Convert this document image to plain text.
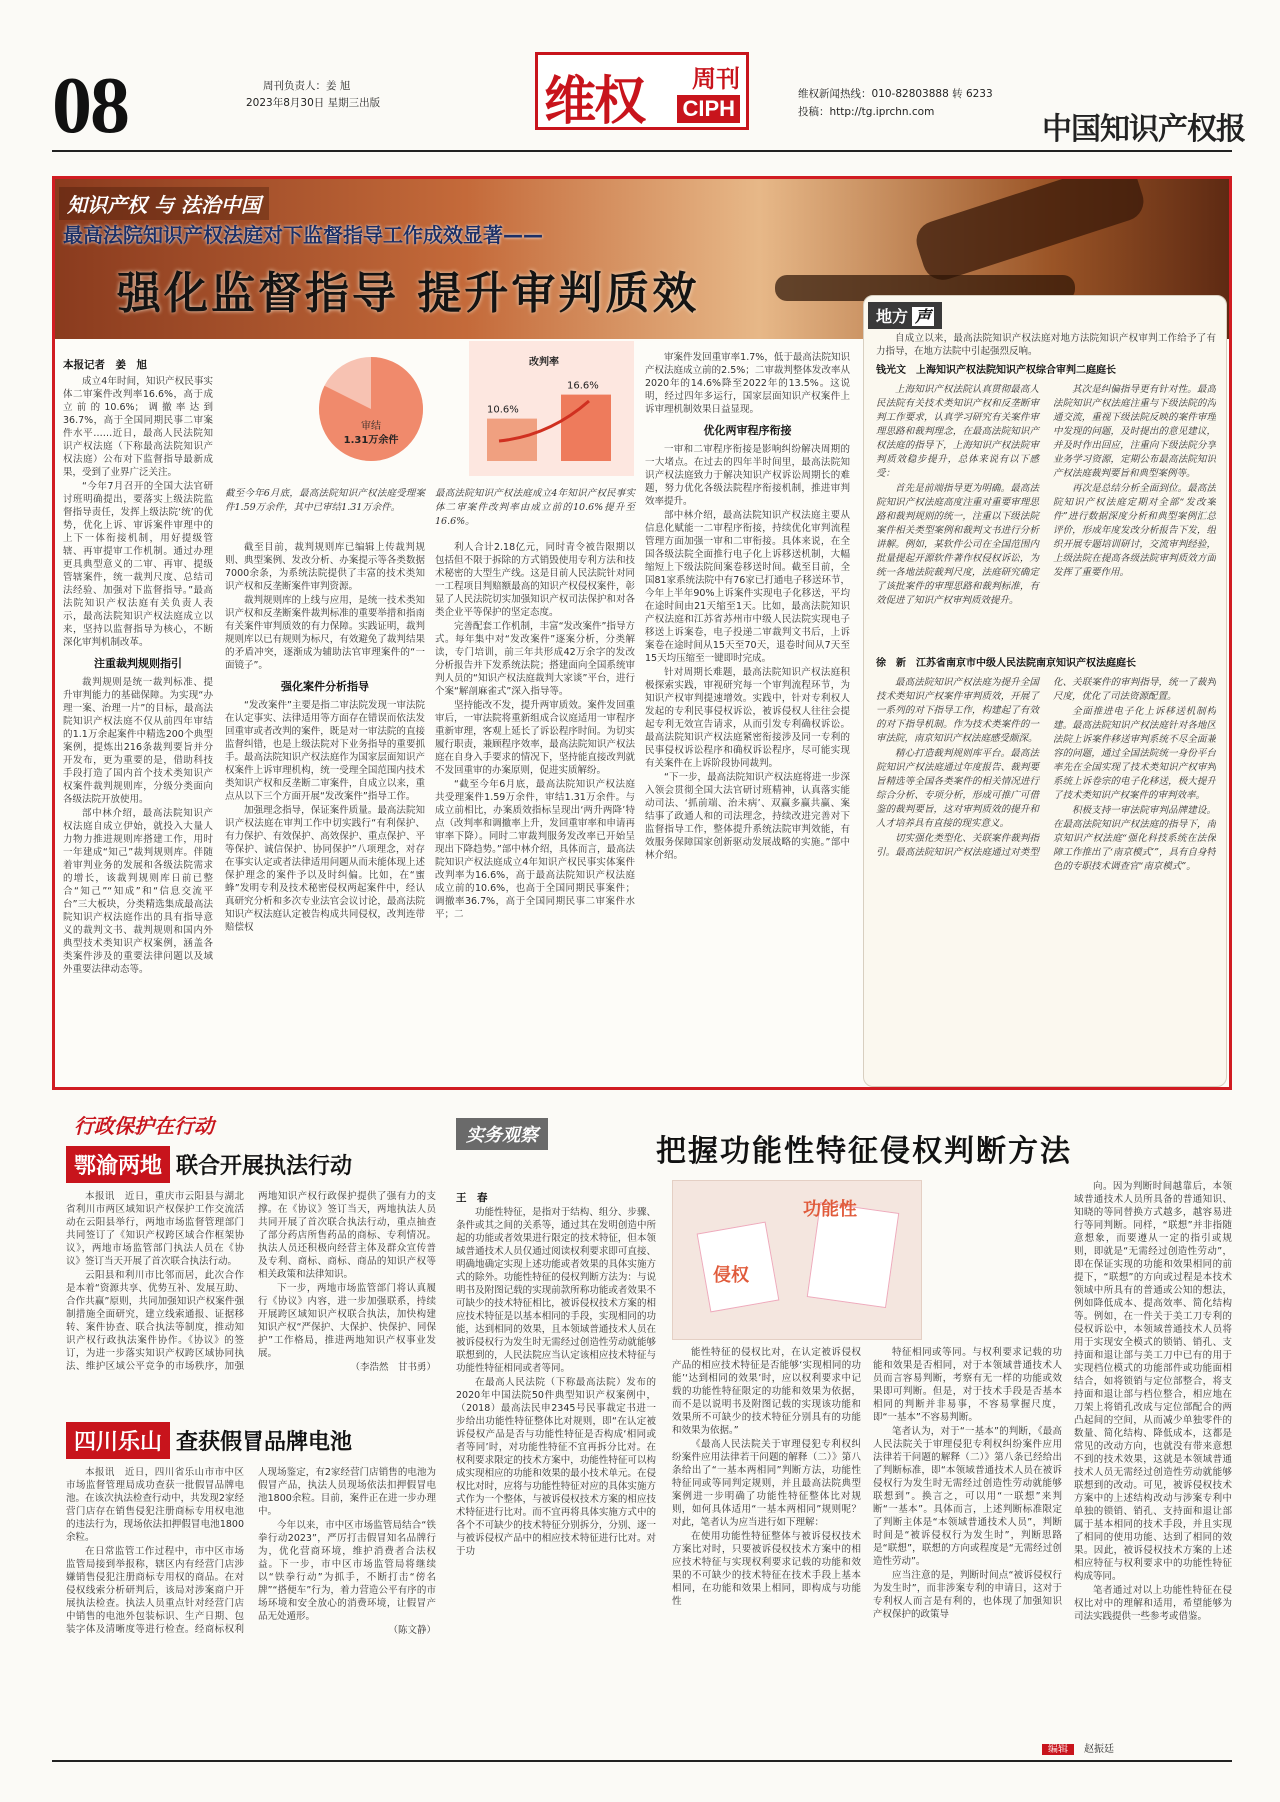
08	周刊负责人：姜 旭
2023年8月30日 星期三出版	维权 周刊
CIPH
维权新闻热线：010-82803888 转 6233
投稿：http://tg.iprchn.com	中国知识产权报
知识产权 与 法治中国
最高法院知识产权法庭对下监督指导工作成效显著——
强化监督指导 提升审判质效
本报记者　姜　旭
审结
1.31万余件
改判率
10.6%
16.6%

成立4年时间，知识产权民事实体二审案件改判率16.6%，高于成立前的10.6%；调撤率达到36.7%，高于全国同期民事二审案件水平……近日，最高人民法院知识产权法庭（下称最高法院知识产权法庭）公布对下监督指导最新成果，受到了业界广泛关注。

“今年7月召开的全国大法官研讨班明确提出，要落实上级法院监督指导责任，发挥上级法院‘统’的优势，优化上诉、审诉案件审理中的上下一体衔接机制，用好提级管辖、再审提审工作机制。通过办理更具典型意义的二审、再审、提级管辖案件，统一裁判尺度、总结司法经验、加强对下监督指导。”最高法院知识产权法庭有关负责人表示，最高法院知识产权法庭成立以来，坚持以监督指导为核心，不断深化审判机制改革。

注重裁判规则指引

裁判规则是统一裁判标准、提升审判能力的基础保障。为实现“办理一案、治理一片”的目标，最高法院知识产权法庭不仅从前四年审结的1.1万余起案件中精选200个典型案例，提炼出216条裁判要旨并分开发布，更为重要的是，借助科技手段打造了国内首个技术类知识产权案件裁判规则库，分级分类面向各级法院开放使用。

部中林介绍，最高法院知识产权法庭自成立伊始，就投入大量人力物力推进规则库搭建工作，用时一年建成“知己”裁判规则库。伴随着审判业务的发展和各级法院需求的增长，该裁判规则库日前已整合“知己”“知成”和“信息交流平台”三大板块，分类精选集成最高法院知识产权法庭作出的具有指导意义的裁判文书、裁判规则和国内外典型技术类知识产权案例，涵盖各类案件涉及的重要法律问题以及域外重要法律动态等。

截至今年6月底，最高法院知识产权法庭受理案件1.59万余件，其中已审结1.31万余件。

截至目前，裁判规则库已编辑上传裁判规则、典型案例、发改分析、办案提示等各类数据7000余条，为系统法院提供了丰富的技术类知识产权和反垄断案件审判资源。

裁判规则库的上线与应用，是统一技术类知识产权和反垄断案件裁判标准的重要举措和指南有关案件审判质效的有力保障。实践证明，裁判规则库以已有规则为标尺，有效避免了裁判结果的矛盾冲突，逐渐成为辅助法官审理案件的“一面镜子”。

强化案件分析指导

“发改案件”主要是指二审法院发现一审法院在认定事实、法律适用等方面存在错误而依法发回重审或者改判的案件，既是对一审法院的直接监督纠错，也是上级法院对下业务指导的重要抓手。最高法院知识产权法庭作为国家层面知识产权案件上诉审理机构，统一受理全国范围内技术类知识产权和反垄断二审案件，自成立以来，重点从以下三个方面开展“发改案件”指导工作。

加强理念指导，保证案件质量。最高法院知识产权法庭在审判工作中切实践行“有利保护、有力保护、有效保护、高效保护、重点保护、平等保护、诚信保护、协同保护”八项理念，对存在事实认定或者法律适用问题从而未能体现上述保护理念的案件予以及时纠偏。比如，在“蜜蜂”发明专利及技术秘密侵权两起案件中，经认真研究分析和多次专业法官会议讨论，最高法院知识产权法庭认定被告构成共同侵权，改判连带赔偿权

最高法院知识产权法庭成立4年知识产权民事实体二审案件改判率由成立前的10.6%提升至16.6%。

利人合计2.18亿元，同时青令被告限期以包括但不限于拆除的方式销毁使用专利方法和技术秘密的大型生产线。这是目前人民法院针对同一工程项目判赔额最高的知识产权侵权案件，彰显了人民法院切实加强知识产权司法保护和对各类企业平等保护的坚定态度。

完善配套工作机制，丰富“发改案件”指导方式。每年集中对“发改案件”逐案分析，分类解读，专门培训，前三年共形成42万余字的发改分析报告并下发系统法院；搭建面向全国系统审判人员的“知识产权法庭裁判大家谈”平台，进行个案“解剖麻雀式”深入指导等。

坚持能改不发，提升两审质效。案件发回重审后，一审法院将重新组成合议庭适用一审程序重新审理，客观上延长了诉讼程序时间。为切实履行职责，兼顾程序效率，最高法院知识产权法庭在自身入手要求的情况下，坚持能直接改判就不发回重审的办案原则，促进实质解纷。

“截至今年6月底，最高法院知识产权法庭共受理案件1.59万余件，审结1.31万余件。与成立前相比，办案质效指标呈现出‘两升两降’特点（改判率和调撤率上升，发回重审率和申请再审率下降）。同时二审裁判服务发改率已开始呈现出下降趋势。”部中林介绍，具体而言，最高法院知识产权法庭成立4年知识产权民事实体案件改判率为16.6%，高于最高法院知识产权法庭成立前的10.6%，也高于全国同期民事案件；调撤率36.7%，高于全国同期民事二审案件水平；二

审案件发回重审率1.7%，低于最高法院知识产权法庭成立前的2.5%；二审裁判整体发改率从2020年的14.6%降至2022年的13.5%。这说明，经过四年多运行，国家层面知识产权案件上诉审理机制效果日益显现。

优化两审程序衔接

一审和二审程序衔接是影响纠纷解决周期的一大堵点。在过去的四年半时间里，最高法院知识产权法庭致力于解决知识产权诉讼周期长的难题，努力优化各级法院程序衔接机制，推进审判效率提升。

部中林介绍，最高法院知识产权法庭主要从信息化赋能一二审程序衔接，持续优化审判流程管理方面加强一审和二审衔接。具体来说，在全国各级法院全面推行电子化上诉移送机制，大幅缩短上下级法院间案卷移送时间。截至目前，全国81家系统法院中有76家已打通电子移送环节，今年上半年90%上诉案件实现电子化移送，平均在途时间由21天缩至1天。比如，最高法院知识产权法庭和江苏省苏州市中级人民法院实现电子移送上诉案卷，电子投递二审裁判文书后，上诉案卷在途时间从15天至70天，退卷时间从7天至15天均压缩至一键即时完成。

针对周期长难题，最高法院知识产权法庭积极探索实践，审视研究每一个审判流程环节，为知识产权审判提速增效。实践中，针对专利权人发起的专利民事侵权诉讼，被诉侵权人往往会提起专利无效宣告请求，从而引发专利确权诉讼。最高法院知识产权法庭紧密衔接涉及同一专利的民事侵权诉讼程序和确权诉讼程序，尽可能实现有关案件在上诉阶段协同裁判。

“下一步，最高法院知识产权法庭将进一步深入领会贯彻全国大法官研讨班精神，认真落实能动司法、‘抓前端、治未病’、双赢多赢共赢、案结事了政通人和的司法理念，持续改进完善对下监督指导工作，整体提升系统法院审判效能，有效服务保障国家创新驱动发展战略的实施。”部中林介绍。

地方 声

自成立以来，最高法院知识产权法庭对地方法院知识产权审判工作给予了有力指导，在地方法院中引起强烈反响。

钱光文　上海知识产权法院知识产权综合审判二庭庭长

上海知识产权法院认真贯彻最高人民法院有关技术类知识产权和反垄断审判工作要求，认真学习研究有关案件审理思路和裁判理念，在最高法院知识产权法庭的指导下，上海知识产权法院审判质效稳步提升，总体来说有以下感受：

首先是前端指导更为明确。最高法院知识产权法庭高度注重对重要审理思路和裁判规则的统一，注重以下级法院案件相关类型案例和裁判文书进行分析讲解。例如，某软件公司在全国范围内批量提起开源软件著作权侵权诉讼，为统一各地法院裁判尺度，法庭研究确定了该批案件的审理思路和裁判标准，有效促进了知识产权审判质效提升。

其次是纠偏指导更有针对性。最高法院知识产权法庭注重与下级法院的沟通交流，重视下级法院反映的案件审理中发现的问题，及时提出的意见建议，并及时作出回应，注重向下级法院分享业务学习资源，定期公布最高法院知识产权法庭裁判要旨和典型案例等。

再次是总结分析全面到位。最高法院知识产权法庭定期对全部“发改案件”进行数据深度分析和典型案例汇总评价，形成年度发改分析报告下发，组织开展专题培训研讨，交流审判经验，上级法院在提高各级法院审判质效方面发挥了重要作用。

徐　新　江苏省南京市中级人民法院南京知识产权法庭庭长

最高法院知识产权法庭为提升全国技术类知识产权案件审判质效，开展了一系列的对下指导工作，构建起了有效的对下指导机制。作为技术类案件的一审法院，南京知识产权法庭感受颇深。

精心打造裁判规则库平台。最高法院知识产权法庭通过年度报告、裁判要旨精选等全国各类案件的相关情况进行综合分析、专项分析，形成可推广可借鉴的裁判要旨，这对审判质效的提升和人才培养具有直接的现实意义。

切实强化类型化、关联案件裁判指引。最高法院知识产权法庭通过对类型化、关联案件的审判指导，统一了裁判尺度，优化了司法资源配置。

全面推进电子化上诉移送机制构建。最高法院知识产权法庭针对各地区法院上诉案件移送审判系统不尽全面兼容的问题，通过全国法院统一身份平台率先在全国实现了技术类知识产权审判系统上诉卷宗的电子化移送，极大提升了技术类知识产权案件的审判效率。

积极支持一审法院审判品牌建设。在最高法院知识产权法庭的指导下，南京知识产权法庭“强化科技系统在法保障工作推出了‘南京模式’”，具有自身特色的专职技术调查官“南京模式”。

行政保护在行动
鄂渝两地 联合开展执法行动

本报讯　近日，重庆市云阳县与湖北省利川市两区域知识产权保护工作交流活动在云阳县举行，两地市场监督管理部门共同签订了《知识产权跨区域合作框架协议》，两地市场监管部门执法人员在《协议》签订当天开展了首次联合执法行动。

云阳县和利川市比邻而居，此次合作是本着“资源共享、优势互补、发展互助、合作共赢”原则，共同加强知识产权案件强制措施全面研究，建立线索通报、证据移转、案件协查、联合执法等制度，推动知识产权行政执法案件协作。《协议》的签订，为进一步落实知识产权跨区域协同执法、维护区域公平竞争的市场秩序，加强两地知识产权行政保护提供了强有力的支撑。在《协议》签订当天，两地执法人员共同开展了首次联合执法行动，重点抽查了部分药店所售药品的商标、专利情况。执法人员还积极向经营主体及群众宣传普及专利、商标、商标、商品的知识产权等相关政策和法律知识。

下一步，两地市场监管部门将认真履行《协议》内容，进一步加强联系，持续开展跨区域知识产权联合执法，加快构建知识产权“严保护、大保护、快保护、同保护”工作格局，推进两地知识产权事业发展。

（李浩然　甘书勇）
四川乐山 查获假冒品牌电池

本报讯　近日，四川省乐山市市中区市场监督管理局成功查获一批假冒品牌电池。在该次执法检查行动中，共发现2家经营门店存在销售侵犯注册商标专用权电池的违法行为，现场依法扣押假冒电池1800余粒。

在日常监管工作过程中，市中区市场监管局接到举报称，辖区内有经营门店涉嫌销售侵犯注册商标专用权的商品。在对侵权线索分析研判后，该局对涉案商户开展执法检查。执法人员重点针对经营门店中销售的电池外包装标识、生产日期、包装字体及清晰度等进行检查。经商标权利人现场鉴定，有2家经营门店销售的电池为假冒产品，执法人员现场依法扣押假冒电池1800余粒。目前，案件正在进一步办理中。

今年以来，市中区市场监管局结合“铁拳行动2023”，严厉打击假冒知名品牌行为，优化营商环境，维护消费者合法权益。下一步，市中区市场监管局将继续以“铁拳行动”为抓手，不断打击“傍名牌”“搭便车”行为，着力营造公平有序的市场环境和安全放心的消费环境，让假冒产品无处遁形。

（陈文静）
实务观察	把握功能性特征侵权判断方法
侵权
功能性
王　春

功能性特征，是指对于结构、组分、步骤、条件或其之间的关系等，通过其在发明创造中所起的功能或者效果进行限定的技术特征，但本领域普通技术人员仅通过阅读权利要求即可直接、明确地确定实现上述功能或者效果的具体实施方式的除外。功能性特征的侵权判断方法为：与说明书及附图记载的实现前款所称功能或者效果不可缺少的技术特征相比，被诉侵权技术方案的相应技术特征是以基本相同的手段，实现相同的功能，达到相同的效果，且本领域普通技术人员在被诉侵权行为发生时无需经过创造性劳动就能够联想到的，人民法院应当认定该相应技术特征与功能性特征相同或者等同。

在最高人民法院（下称最高法院）发布的2020年中国法院50件典型知识产权案例中，（2018）最高法民申2345号民事裁定书进一步给出功能性特征整体比对规则，即“在认定被诉侵权产品是否与功能性特征是否构成‘相同或者等同’时，对功能性特征不宜再拆分比对。在权利要求限定的技术方案中，功能性特征可以构成实现相应的功能和效果的最小技术单元。在侵权比对时，应将与功能性特征对应的具体实施方式作为一个整体，与被诉侵权技术方案的相应技术特征进行比对。而不宜再将具体实施方式中的各个不可缺少的技术特征分别拆分，分别、逐一与被诉侵权产品中的相应技术特征进行比对。对于功

能性特征的侵权比对，在认定被诉侵权产品的相应技术特征是否能够‘实现相同的功能’‘达到相同的效果’时，应以权利要求中记载的功能性特征限定的功能和效果为依据，而不是以说明书及附图记载的实现该功能和效果所不可缺少的技术特征分别具有的功能和效果为依据。”

《最高人民法院关于审理侵犯专利权纠纷案件应用法律若干问题的解释（二）》第八条给出了“一基本两相同”判断方法，功能性特征同或等同判定规则，并且最高法院典型案例进一步明确了功能性特征整体比对规则，如何具体适用“一基本两相同”规则呢？对此，笔者认为应当进行如下理解：

在使用功能性特征整体与被诉侵权技术方案比对时，只要被诉侵权技术方案中的相应技术特征与实现权利要求记载的功能和效果的不可缺少的技术特征在技术手段上基本相同，在功能和效果上相同，即构成与功能性

特征相同或等同。与权利要求记载的功能和效果是否相同，对于本领域普通技术人员而言容易判断，考察有无一样的功能或效果即可判断。但是，对于技术手段是否基本相同的判断并非易事，不容易掌握尺度，即“一基本”不容易判断。

笔者认为，对于“一基本”的判断，《最高人民法院关于审理侵犯专利权纠纷案件应用法律若干问题的解释（二）》第八条已经给出了判断标准，即“本领域普通技术人员在被诉侵权行为发生时无需经过创造性劳动就能够联想到”。换言之，可以用“一联想”来判断“一基本”。具体而言，上述判断标准限定了判断主体是“本领域普通技术人员”，判断时间是“被诉侵权行为发生时”，判断思路是“联想”，联想的方向或程度是“无需经过创造性劳动”。

应当注意的是，判断时间点“被诉侵权行为发生时”，而非涉案专利的申请日，这对于专利权人而言是有利的，也体现了加强知识产权保护的政策导

向。因为判断时间越靠后，本领域普通技术人员所具备的普通知识、知晓的等同替换方式越多，越容易进行等同判断。同样，“联想”并非指随意想象，而要遵从一定的指引或规则，即就是“无需经过创造性劳动”，即在保证实现的功能和效果相同的前提下，“联想”的方向或过程是本技术领域中所具有的普通或公知的想法，例如降低成本、提高效率、简化结构等。例如，在一件关于美工刀专利的侵权诉讼中，本领域普通技术人员将用于实现安全模式的锁销、销孔、支持面和退让部与美工刀中已有的用于实现档位模式的功能部件或功能面相结合，如将锁销与定位部整合，将支持面和退让部与档位整合，相应地在刀架上将销孔改成与定位部配合的两凸起间的空间，从而减少单独零件的数量、简化结构、降低成本，这都是常见的改动方向，也就没有带来意想不到的技术效果，这就是本领域普通技术人员无需经过创造性劳动就能够联想到的改动。可见，被诉侵权技术方案中的上述结构改动与涉案专利中单独的锁销、销孔、支持面和退让部属于基本相同的技术手段，并且实现了相同的使用功能、达到了相同的效果。因此，被诉侵权技术方案的上述相应特征与权利要求中的功能性特征构成等同。

笔者通过对以上功能性特征在侵权比对中的理解和适用，希望能够为司法实践提供一些参考或借鉴。

编辑 赵振廷
